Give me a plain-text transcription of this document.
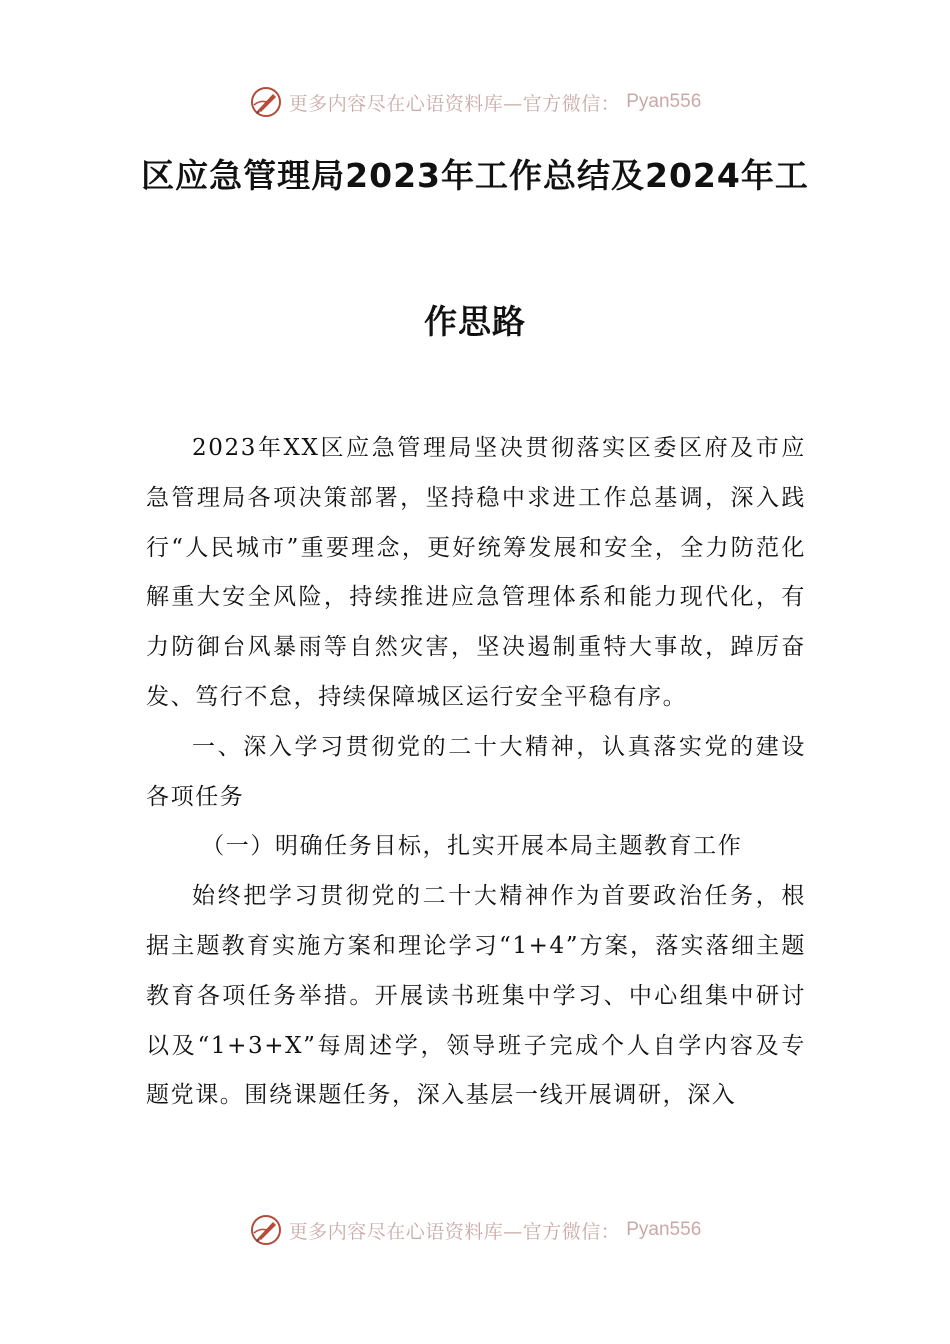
更多内容尽在心语资料库—官方微信： Pyan556
区应急管理局2023年工作总结及2024年工
作思路

2023年XX区应急管理局坚决贯彻落实区委区府及市应急管理局各项决策部署，坚持稳中求进工作总基调，深入践行“人民城市”重要理念，更好统筹发展和安全，全力防范化解重大安全风险，持续推进应急管理体系和能力现代化，有力防御台风暴雨等自然灾害，坚决遏制重特大事故，踔厉奋发、笃行不怠，持续保障城区运行安全平稳有序。

一、深入学习贯彻党的二十大精神，认真落实党的建设各项任务

（一）明确任务目标，扎实开展本局主题教育工作

始终把学习贯彻党的二十大精神作为首要政治任务，根据主题教育实施方案和理论学习“1+4”方案，落实落细主题教育各项任务举措。开展读书班集中学习、中心组集中研讨以及“1+3+X”每周述学，领导班子完成个人自学内容及专题党课。围绕课题任务，深入基层一线开展调研，深入

更多内容尽在心语资料库—官方微信： Pyan556
